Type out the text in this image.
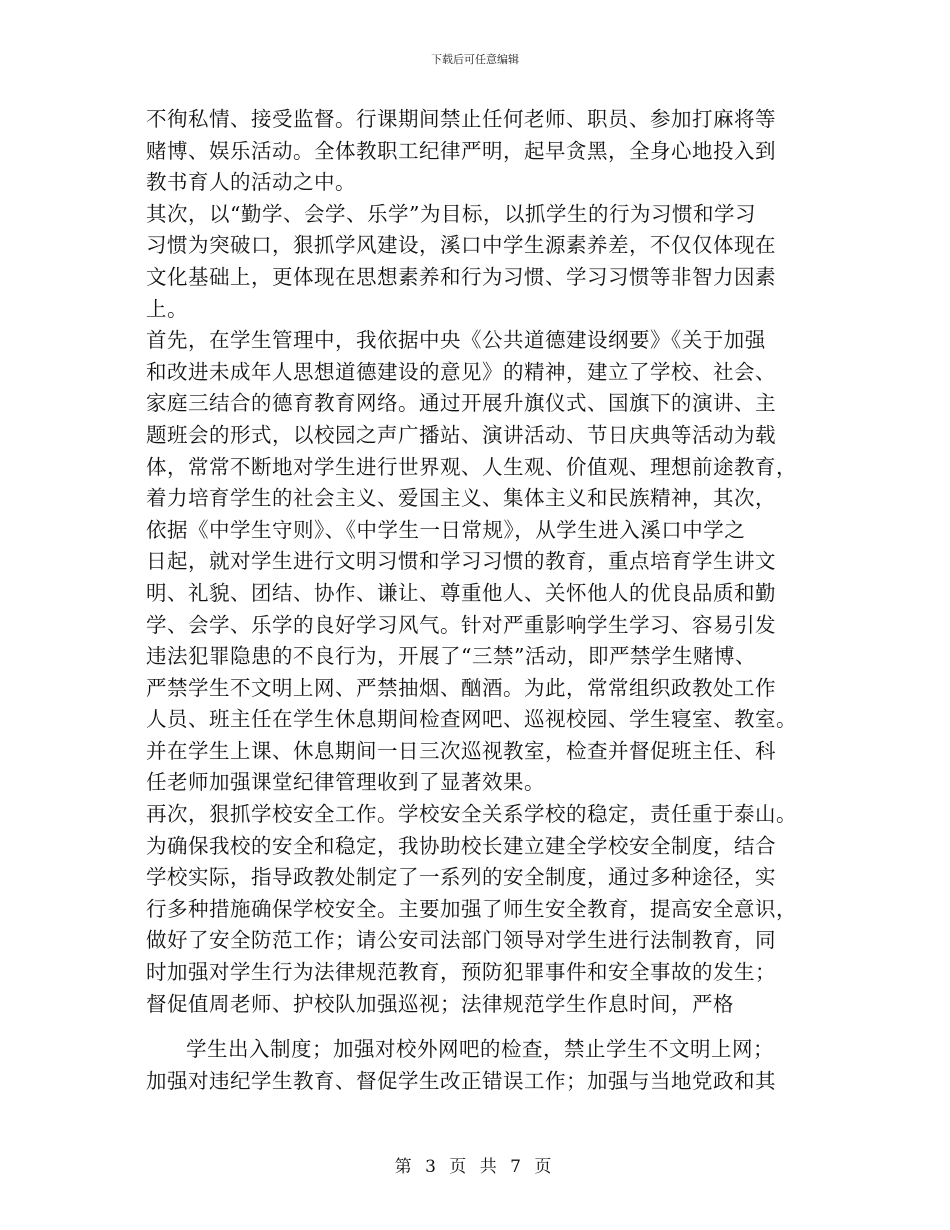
下载后可任意编辑
不徇私情、接受监督。行课期间禁止任何老师、职员、参加打麻将等
赌博、娱乐活动。全体教职工纪律严明，起早贪黑，全身心地投入到
教书育人的活动之中。
其次，以“勤学、会学、乐学”为目标，以抓学生的行为习惯和学习
习惯为突破口，狠抓学风建设，溪口中学生源素养差，不仅仅体现在
文化基础上，更体现在思想素养和行为习惯、学习习惯等非智力因素
上。
首先，在学生管理中，我依据中央《公共道德建设纲要》《关于加强
和改进未成年人思想道德建设的意见》的精神，建立了学校、社会、
家庭三结合的德育教育网络。通过开展升旗仪式、国旗下的演讲、主
题班会的形式，以校园之声广播站、演讲活动、节日庆典等活动为载
体，常常不断地对学生进行世界观、人生观、价值观、理想前途教育，
着力培育学生的社会主义、爱国主义、集体主义和民族精神，其次，
依据《中学生守则》、《中学生一日常规》，从学生进入溪口中学之
日起，就对学生进行文明习惯和学习习惯的教育，重点培育学生讲文
明、礼貌、团结、协作、谦让、尊重他人、关怀他人的优良品质和勤
学、会学、乐学的良好学习风气。针对严重影响学生学习、容易引发
违法犯罪隐患的不良行为，开展了“三禁”活动，即严禁学生赌博、
严禁学生不文明上网、严禁抽烟、酗酒。为此，常常组织政教处工作
人员、班主任在学生休息期间检查网吧、巡视校园、学生寝室、教室。
并在学生上课、休息期间一日三次巡视教室，检查并督促班主任、科
任老师加强课堂纪律管理收到了显著效果。
再次，狠抓学校安全工作。学校安全关系学校的稳定，责任重于泰山。
为确保我校的安全和稳定，我协助校长建立建全学校安全制度，结合
学校实际，指导政教处制定了一系列的安全制度，通过多种途径，实
行多种措施确保学校安全。主要加强了师生安全教育，提高安全意识，
做好了安全防范工作；请公安司法部门领导对学生进行法制教育，同
时加强对学生行为法律规范教育，预防犯罪事件和安全事故的发生；
督促值周老师、护校队加强巡视；法律规范学生作息时间，严格
学生出入制度；加强对校外网吧的检查，禁止学生不文明上网；
加强对违纪学生教育、督促学生改正错误工作；加强与当地党政和其
第 3 页 共 7 页
